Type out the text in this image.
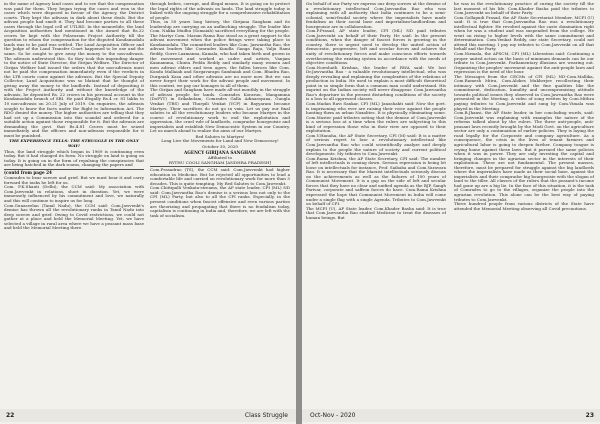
in the name of Agency land cases and to see that the compensation was paid for them. They began trying the cases and won in the cases which were disposed in favour of the Agency, the District courts. They kept the adivasis in dark about these deals. But the adivasi people had smelt it. They had become parties to all these cases through the legal cell of UTLRD. In the meanwhile, the land Acquisition authorities had mentioned in the Award that Rs.22 crores be kept with the Polavaram Project Authority till the question to whom the compensation for the disputed Kondamodalu lands was to be paid was settled. The Land Acquisition Officer and the Judge of the Land Transfer Court happened to be one and the same. So he sought to give away the money to the non-adivasis. The adivasis understood this. So they took this impending danger to the notice of State Director, the Girijan Welfare. The Director of Girijan Welfare had issued the orders that the non-adivasis must not be paid the compensation immediately even if the verdicts in the LTR courts come against the adivasis. But the Special Deputy Collector, Land Acquisitions was so blatant that he thought of giving away the money to the landlords. Instead of depositing it with the Project Authority and without the knowledge of the adivasis, he deposited Rs. 22 crores in his personal account in the Kondamodalu branch of SBI. He paid illegally Rs.4 cr. 81 lakhs to 10 non-adivasis on 20.21 July of 2019. On enquiries, the adivasis sought to know the facts under the Right to Information Act. The RDO denied the money. The higher authorities are telling that they had set up a Commission into this scandal and ordered for a suitable action against those responsible for it. But the adivasis are demanding the govt. that Rs.4.81 Crores must be seized immediately and the officers and non-adivasis responsible for it must be punished.

THE EXPERIENCE TELLS: THE STRUGGLE IS THE ONLY WAY!

Thus, the land struggle which began in 1969 is continuing even today. But it had changed its form. No struggle on land is going on today. It is going on in the form of repulsing the conspiracies that are being hatched in the dark rooms, changing the papers and

(contd from page 24

Comrades to bear sorrow and grief. But we must bear it and carry forward the tasks he left for us.
Com. P.K.Shanti (Delhi), the CCM said: My association with Com.Jawvenkt in relations, short in duration. Yet, we were immensely influenced by his commitment and love, we naturally and this will continue to inspire us for long.
Com.Gunaseelan (Tamil Nadu), the CCM said: Com.Jawvenkt's demise has thrown all the revolutionary ranks in Tamil Nadu into deep sorrow and grief. Owing to Covid restrictions, we could not gather at a place and held the Memorial Meeting. Yet, we have selected a village in rural area where we have a peasant mass base and held the Memorial Meeting there.

through bribes, corrupt, and illegal means. It is going on to protect the legal rights of the adivasis on lands. The land struggle today is linked with the ongoing struggle for a comprehensive rehabilitation of people.
Thus, in 50 years long history, the Girijana Sangham and its leadership are carrying on an unflinching struggle. The leader like Com. Nakka Mudhu (Somaiah) sacrificed everything for the people. The Martyr Com. Maram Rama Rao stood as a great support to the adivasi movement when the police firings were taking place in Kondamodalu. The committed leaders like Com. Jaswantha Rao, the adivasi leaders like Comrades Kundla Ganga Raju, Valju Rami Reddy, Gorre Laxmanna, Kamala, who had taken birth and grown in the movement and worked as cadre and artists, Vanjam Kannamma, Chinta Pedda Reddy and similarly many women and men adivasi elders and teen agers, the fallen heroes like Com. Kondu Mallaiah and Surgavarapu Sambaiah and Com. Bhadra Rao, Durgaiah Kasa and other adivasis are no more now. But we can never forget their work for the adivasi people and movement. In this context, we pay our homages to all of them.
The Girijan and Sangham have made all-out monthly in the struggle of adivasi people for lands. Comrades Koraruu, Mangamma (DoPYT) in Srikakulam, Comrades Galla Adinarayana, Gungla Venkat (TRS) and Thurpili Venkat (YCP) in Bayyaram became Martyrs. Their sacrifices do not go in vain. Let us pay our final salutes to all the revolutionary leaders who became Martyrs in the course of revolutionary work to end the exploitation and oppression, the cruel rule of landlords, comprador bourgeoisie and imperialists and establish New Democratic System in our Country. Let us march ahead to realize the aims of our Martyrs.

Red Salutes to Martyrs!
Long Live the Movements for Land and New Democracy!
October 30, 2020
AGENCY GIRIJANA SANGHAM
Affiliated to
RYTHU COOLI SANGHAM [ANDHRA PRADESH]

Com.Prasadrao (TS), the CCM said: Com.Jawvenkt had higher education in Medicine. But he rejected all opportunities to lead a comfortable life and carried on revolutionary work for more than 5 decades. This is quite tempting. My Red Salutes to Com.Jawvenkt.
Com.Chittipalli Venkata-streams, the AP state leader, CPI (ML) ND said: Com.Jawvantha Rao's demise is a serious loss not only to the CPI (ML) Party, but also to all the CPI ranks. Especially, in the present conditions when fascist offensive and even various parties are theorizing and propagating that there is no feudalism today, capitalism is continuing in India and, therefore, we are left with the task of socialism.

22	Class Struggle

On behalf of our Party we express our deep sorrow at the demise of a revolutionary intellectual Com.Jawvanthu Rao who was explaining with all authority that India continues to be a semi-colonial, semi-feudal society where the imperialists have made feudalism as their social base and imperialism-landlordism and bourgeoisie are in collaboration.
Com.P.Prasad, AP state leader, CPI (ML) ND paid tributes Com.Jawvenkt on behalf of their Party. He said: In the present conditions, when the danger of fascist forces is growing in the country, there is urgent need to develop the united action of democratic, progressive, left and secular forces and achieve the unity of revolutionary forces and make conscious efforts towards overthrowing the existing system in accordance with the needs of objective conditions.
Com.Nowshath Krishna, the leader of RWA said: We lost Dr.Jawvantha Rao - a valuable revolutionary intellectual, who was deeply revealing and explaining the complexities of the relations of production in India. He used to explain a most difficult theoretical point in so simple form that a common man could understand. His imprint on the Indian society will never disappear. Com.Jawvantha Rao's departure in the present disturbing conditions of the society is a loss to all oppressed classes.
Com.Madan Ravi Sankar, CPI (ML) Janashakti said: Now the govt. is imprisoning who ever are raising their voice against the people hunting them as urban Naxalites. It is physically eliminating some. Com.Master paid tributes noting that the demise of Com.Jawvenkt is a serious loss at a time when the rulers are subjecting to this kind of repression those who in their view are opposed to their exploitation.
Com.V.Hanuha, the AP State Secretary, CPI (M) said: It is a matter of serious regret to lose a revolutionary intellectual like Com.Jawvantha Rao who could scientifically analyze and deeply explain to the people the nature of society and current political developments. My tributes to Com.Jawvenkt.
Com.Rama Krishna, the AP State Secretary, CPI said: The number of left intellectuals is coming down. Serious repression is being let loose on intellectuals for instance, Prof. Saibaba and Com.Varavara Rao. It is necessary that the Marxist intellectuals seriously discuss on the achievements as well as the failures of 100 years of Communist Movement. It is a gap on the side of left and secular forces that they have no clear and unified agenda as the BJP, Sangh Parivar, corporate and saffron forces do have. Com.Rama Krishna expressed the hope that Communist Movement in India will come under a single flag with a single Agenda. Tributes to Com.Jawvenkt on behalf of CPI.
The MCPI (U), AP State leader, Com.Khader Basha said: It is true that Com.Jawvantha Rao studied Medicine to treat the diseases of human beings. But

he was in the revolutionary practice of curing the society till the last moment of his life. Com.Khader Basha paid the tributes to Com.Jawvenkt on behalf of their Party.
Com.Gollapudi Prasad, the AP State Secretariat Member, MCPI (U) said: It is true that Com.Jawvantha Rao was a revolutionary intellectual fighter. He revolted against the caste domination right when he was a student and was suspended from the college. He went on rising to higher levels with the same commitment and determination. Com.Venkat Reddy, our state Secretary, could not attend this meeting. I pay my tributes to Com.Jawvenkt on all that behalf and the Party.
Com.Nirmala, the APSCM, CPI (ML) Liberation said: Continuing a proper united action on the basis of minimum demands can be our tribute to Com.Jawvenkt. Parliamentary illusions are wearing out. Organizing the peoples' movement against the anti-people laws and repression is the need of the hour.
The Messages from the CECMs of CPI (ML) ND-Com.Mallika, Com.Ramesh Mitra, Com.Alokes Mukherjee recollecting their intimacy with Com.Jawvenkt and the fine qualities like the commitment, dedication, humility and uncompromising attitude towards political issues they observed in Com.Jawvantha Rao were presented in the Meeting. A video of song written by Com.Mithra paying tributes to Com.Jawvenkt and sung by Com.Vimala was played in the Meeting.
Com.B.Jhansi, the AP State leader, in her concluding words, said: Com.Jawvenkt was explaining with examples the nature of the reforms talked about by the rulers. The three anti-people, anti-peasant laws recently brought by the Modi Govt. on the agriculture sector are only a continuation of earlier policies. They is laying the road legally for the Corporate and company agriculture. As a consequence, the crisis in the lives of tenant farmers and agricultural labor is going to deepen further. Company tongue is crying home against these laws. But it pursued the same policies when it was in power. They are only investing the capital and bringing changes in the agrarian sector in the interests of their exploitation. These are not fundamental. The present masses, therefore, must be prepared for struggle against the big landlords where the imperialists have made as their social base, against the imperialists and their comprador big bourgeoisie with the slogan of land to the tiller. All classes of the rulers that the peasant's income had gone up are a big lie. In the face of this situation, it is the task of Comrades to go to the villages, organize the people into the agrarian revolution. This alone can be the best way of paying tributes to Com.Jawvenkt.
Three hundred people from various districts of the State have attended the Memorial Meeting observing all Covid precautions.

Oct-Nov - 2020	23
